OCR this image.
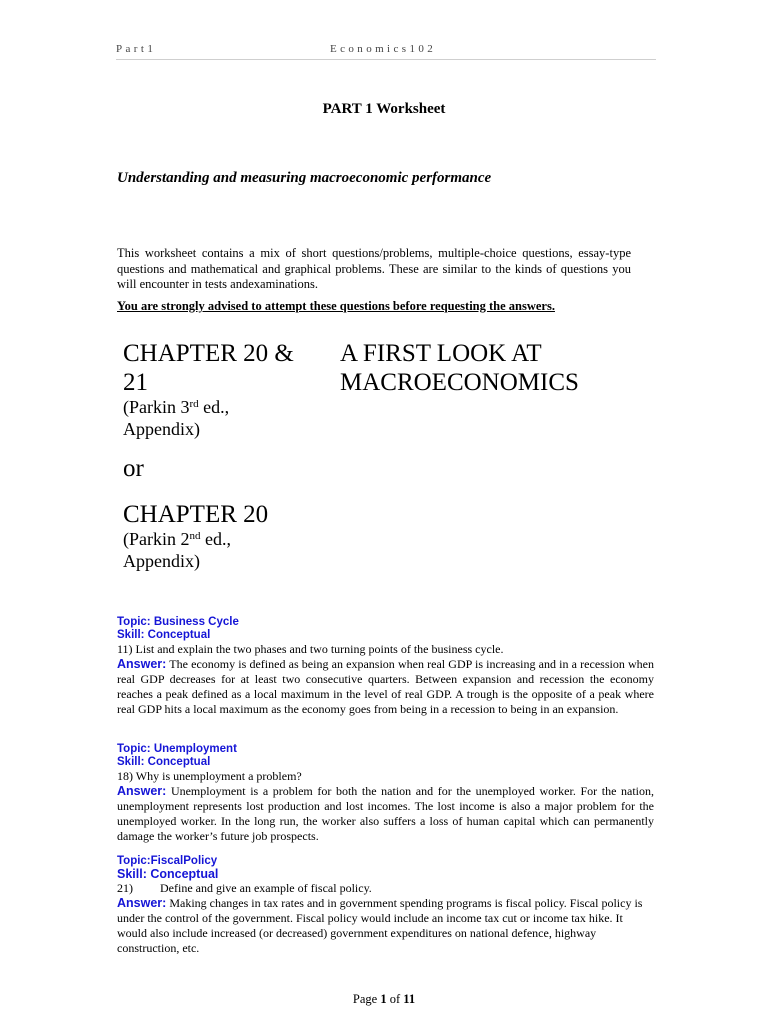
Part1	Economics102
PART 1 Worksheet
Understanding and measuring macroeconomic performance
This worksheet contains a mix of short questions/problems, multiple-choice questions, essay-type questions and mathematical and graphical problems. These are similar to the kinds of questions you will encounter in tests andexaminations.
You are strongly advised to attempt these questions before requesting the answers.
CHAPTER 20 &
21
(Parkin 3rd ed.,
Appendix)
or
CHAPTER 20
(Parkin 2nd ed.,
Appendix)
A FIRST LOOK AT
MACROECONOMICS
Topic: Business Cycle
Skill: Conceptual
11) List and explain the two phases and two turning points of the business cycle.
Answer: The economy is defined as being an expansion when real GDP is increasing and in a recession when real GDP decreases for at least two consecutive quarters. Between expansion and recession the economy reaches a peak defined as a local maximum in the level of real GDP. A trough is the opposite of a peak where real GDP hits a local maximum as the economy goes from being in a recession to being in an expansion.
Topic: Unemployment
Skill: Conceptual
18) Why is unemployment a problem?
Answer: Unemployment is a problem for both the nation and for the unemployed worker. For the nation, unemployment represents lost production and lost incomes. The lost income is also a major problem for the unemployed worker. In the long run, the worker also suffers a loss of human capital which can permanently damage the worker’s future job prospects.
Topic:FiscalPolicy
Skill: Conceptual
21)         Define and give an example of fiscal policy.
Answer: Making changes in tax rates and in government spending programs is fiscal policy. Fiscal policy is under the control of the government. Fiscal policy would include an income tax cut or income tax hike. It would also include increased (or decreased) government expenditures on national defence, highway construction, etc.
Page 1 of 11
